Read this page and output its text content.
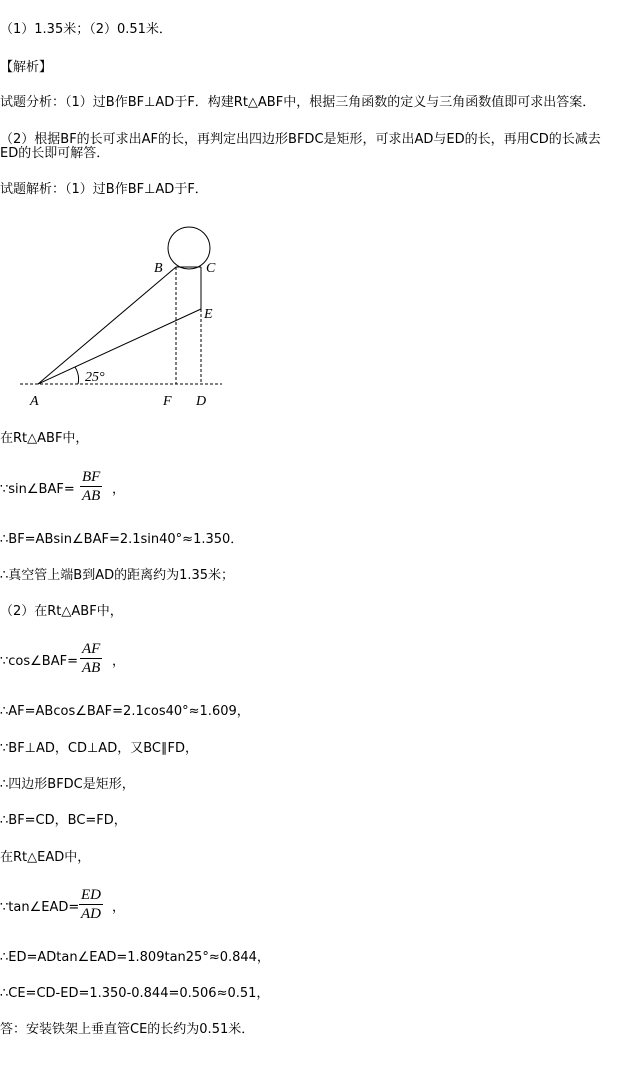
（1）1.35米；（2）0.51米．
【解析】
试题分析：（1）过B作BF⊥AD于F．构建Rt△ABF中，根据三角函数的定义与三角函数值即可求出答案．
（2）根据BF的长可求出AF的长，再判定出四边形BFDC是矩形，可求出AD与ED的长，再用CD的长减去
ED的长即可解答．
试题解析：（1）过B作BF⊥AD于F．
25°
B	C
E
A	F D
在Rt△ABF中，
∵sin∠BAF=
BF
AB ，
∴BF=ABsin∠BAF=2.1sin40°≈1.350．
∴真空管上端B到AD的距离约为1.35米；
（2）在Rt△ABF中，
∵cos∠BAF=
AF
AB ，
∴AF=ABcos∠BAF=2.1cos40°≈1.609，
∵BF⊥AD，CD⊥AD，又BC∥FD，
∴四边形BFDC是矩形，
∴BF=CD，BC=FD，
在Rt△EAD中，
∵tan∠EAD=
ED
AD ，
∴ED=ADtan∠EAD=1.809tan25°≈0.844，
∴CE=CD-ED=1.350-0.844=0.506≈0.51，
答：安装铁架上垂直管CE的长约为0.51米．
